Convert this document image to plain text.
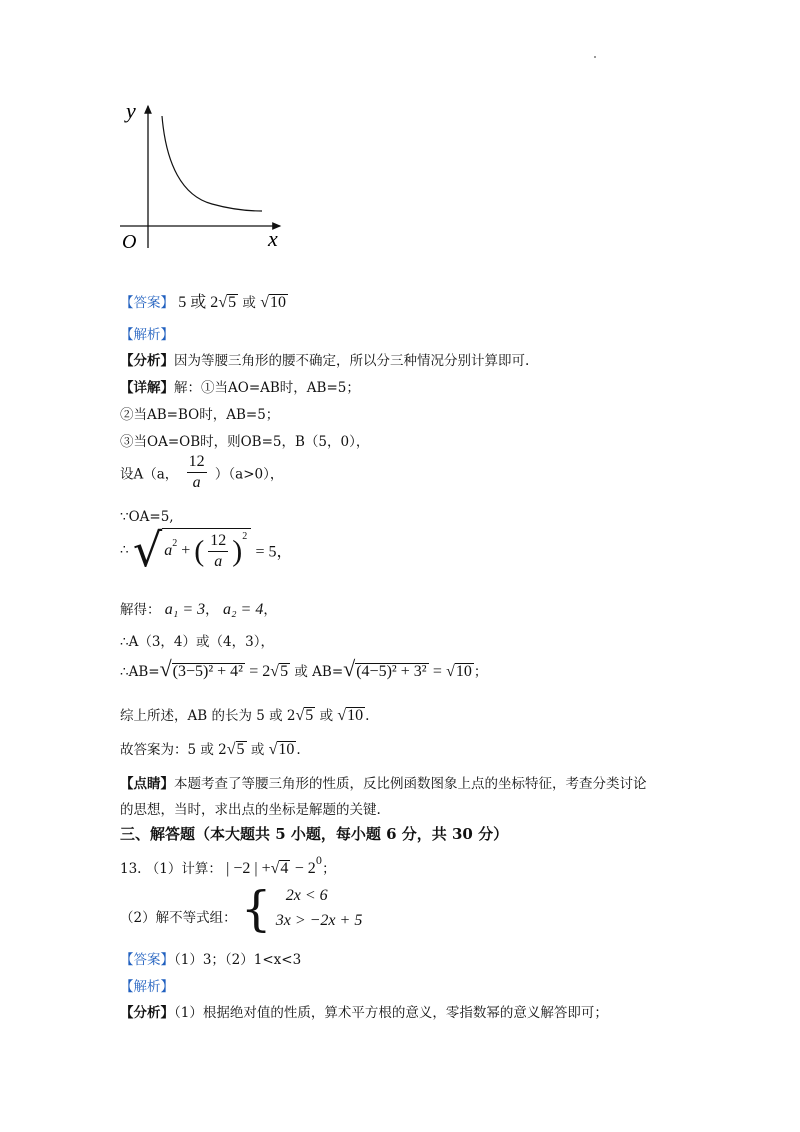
y
x
O
【答案】 5 或 2√5 或 √10
【解析】
【分析】因为等腰三角形的腰不确定，所以分三种情况分别计算即可.
【详解】解：①当AO=AB时，AB=5；
②当AB=BO时，AB=5；
③当OA=OB时，则OB=5，B（5，0），
设A（a， $\frac{12}{a} )(a>0)$，
∵OA=5,
∴ √ $a^2$ + ( $\frac{12}{a} )^2 = 5$，
解得： a₁ = 3， a₂ = 4，
∴A（3，4）或（4，3），
∴AB=√(3−5)² + 4² = 2√5 或 AB=√(4−5)² + 3² = √10 ；
综上所述，AB 的长为 5 或 2√5 或 √10 .
故答案为：5 或 2√5 或 √10 .
【点睛】本题考查了等腰三角形的性质，反比例函数图象上点的坐标特征，考查分类讨论
的思想，当时，求出点的坐标是解题的关键.
三、解答题（本大题共 5 小题，每小题 6 分，共 30 分）
13. （1）计算： | −2 | $+√4 - 2^0$；
（2）解不等式组： { 2x < 6
3x > −2x + 5
【答案】（1）3；（2）1<x<3
【解析】
【分析】（1）根据绝对值的性质，算术平方根的意义，零指数幂的意义解答即可；
